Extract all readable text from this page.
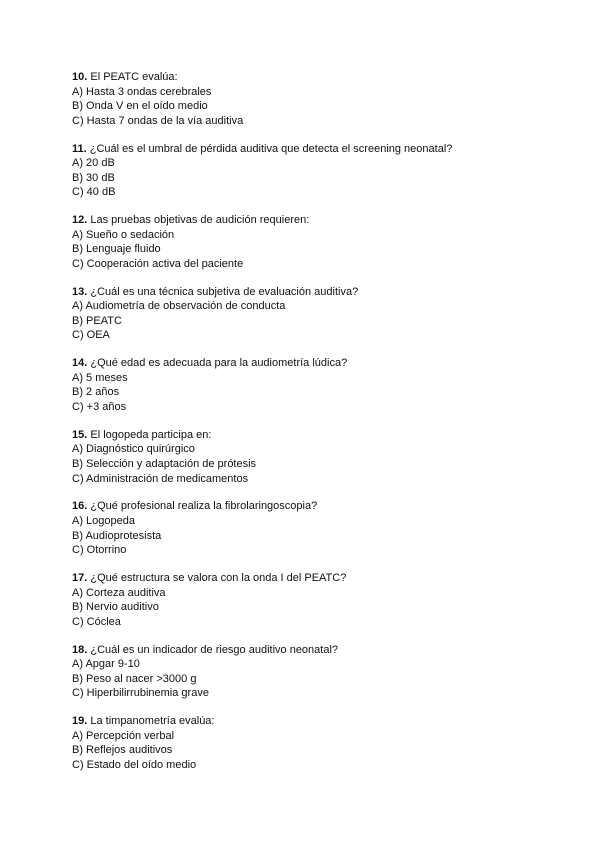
10. El PEATC evalúa:
A) Hasta 3 ondas cerebrales
B) Onda V en el oído medio
C) Hasta 7 ondas de la vía auditiva
11. ¿Cuál es el umbral de pérdida auditiva que detecta el screening neonatal?
A) 20 dB
B) 30 dB
C) 40 dB
12. Las pruebas objetivas de audición requieren:
A) Sueño o sedación
B) Lenguaje fluido
C) Cooperación activa del paciente
13. ¿Cuál es una técnica subjetiva de evaluación auditiva?
A) Audiometría de observación de conducta
B) PEATC
C) OEA
14. ¿Qué edad es adecuada para la audiometría lúdica?
A) 5 meses
B) 2 años
C) +3 años
15. El logopeda participa en:
A) Diagnóstico quirúrgico
B) Selección y adaptación de prótesis
C) Administración de medicamentos
16. ¿Qué profesional realiza la fibrolaringoscopia?
A) Logopeda
B) Audioprotesista
C) Otorrino
17. ¿Qué estructura se valora con la onda I del PEATC?
A) Corteza auditiva
B) Nervio auditivo
C) Cóclea
18. ¿Cuál es un indicador de riesgo auditivo neonatal?
A) Apgar 9-10
B) Peso al nacer >3000 g
C) Hiperbilirrubinemia grave
19. La timpanometría evalúa:
A) Percepción verbal
B) Reflejos auditivos
C) Estado del oído medio
